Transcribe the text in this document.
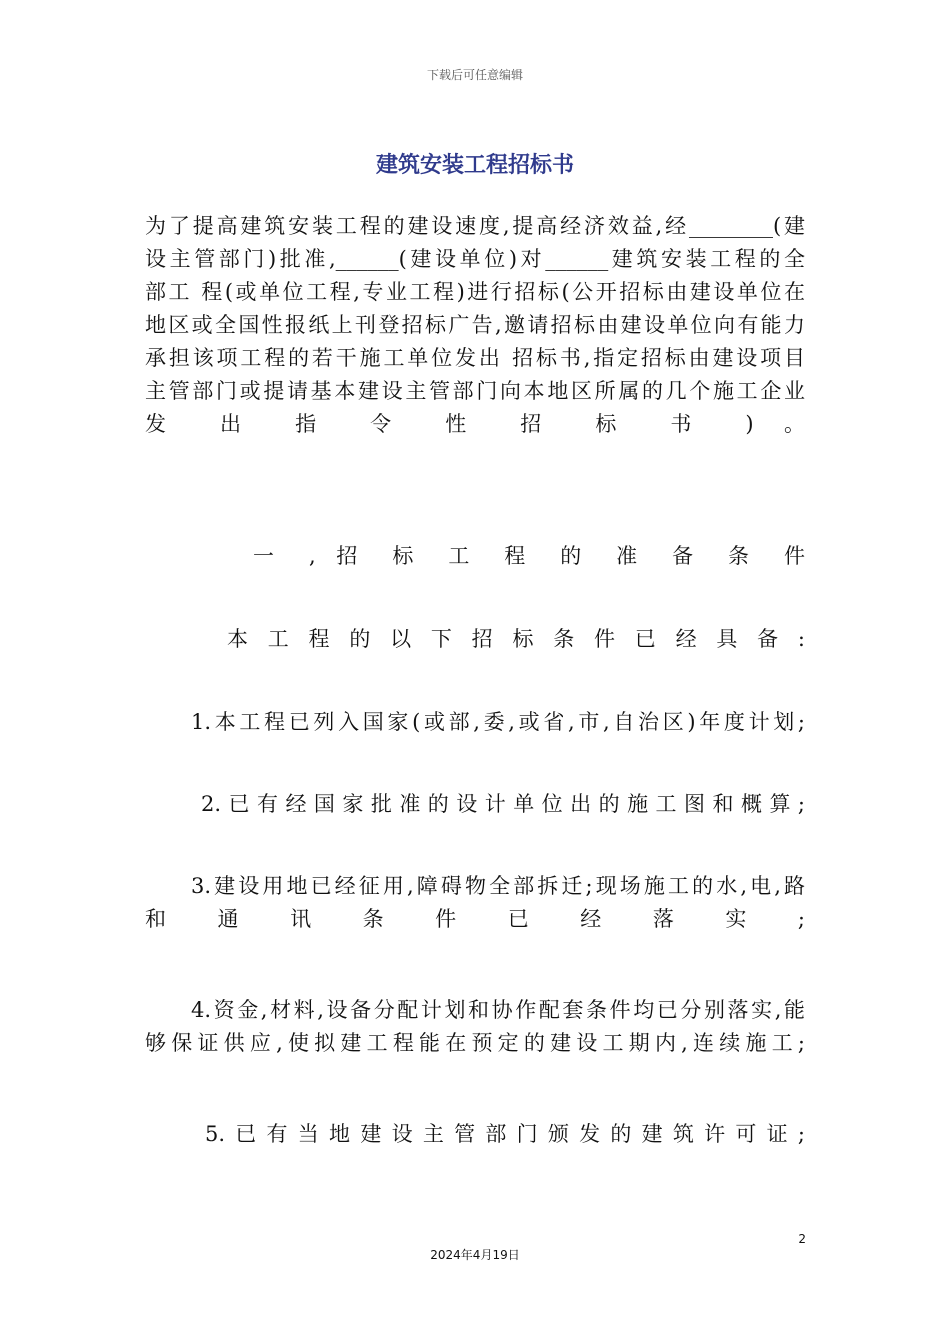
下载后可任意编辑
建筑安装工程招标书
为了提高建筑安装工程的建设速度,提高经济效益,经________(建
设主管部门)批准,______(建设单位)对______建筑安装工程的全
部工 程(或单位工程,专业工程)进行招标(公开招标由建设单位在
地区或全国性报纸上刊登招标广告,邀请招标由建设单位向有能力
承担该项工程的若干施工单位发出 招标书,指定招标由建设项目
主管部门或提请基本建设主管部门向本地区所属的几个施工企业
发 出 指 令 性 招 标 书 ) 。
一 , 招 标 工 程 的 准 备 条 件
本 工 程 的 以 下 招 标 条 件 已 经 具 备 :
1.本工程已列入国家(或部,委,或省,市,自治区)年度计划;
2.已有经国家批准的设计单位出的施工图和概算;
3.建设用地已经征用,障碍物全部拆迁;现场施工的水,电,路
和 通 讯 条 件 已 经 落 实 ;
4.资金,材料,设备分配计划和协作配套条件均已分别落实,能
够保证供应,使拟建工程能在预定的建设工期内,连续施工;
5.已有当地建设主管部门颁发的建筑许可证;
2
2024年4月19日
